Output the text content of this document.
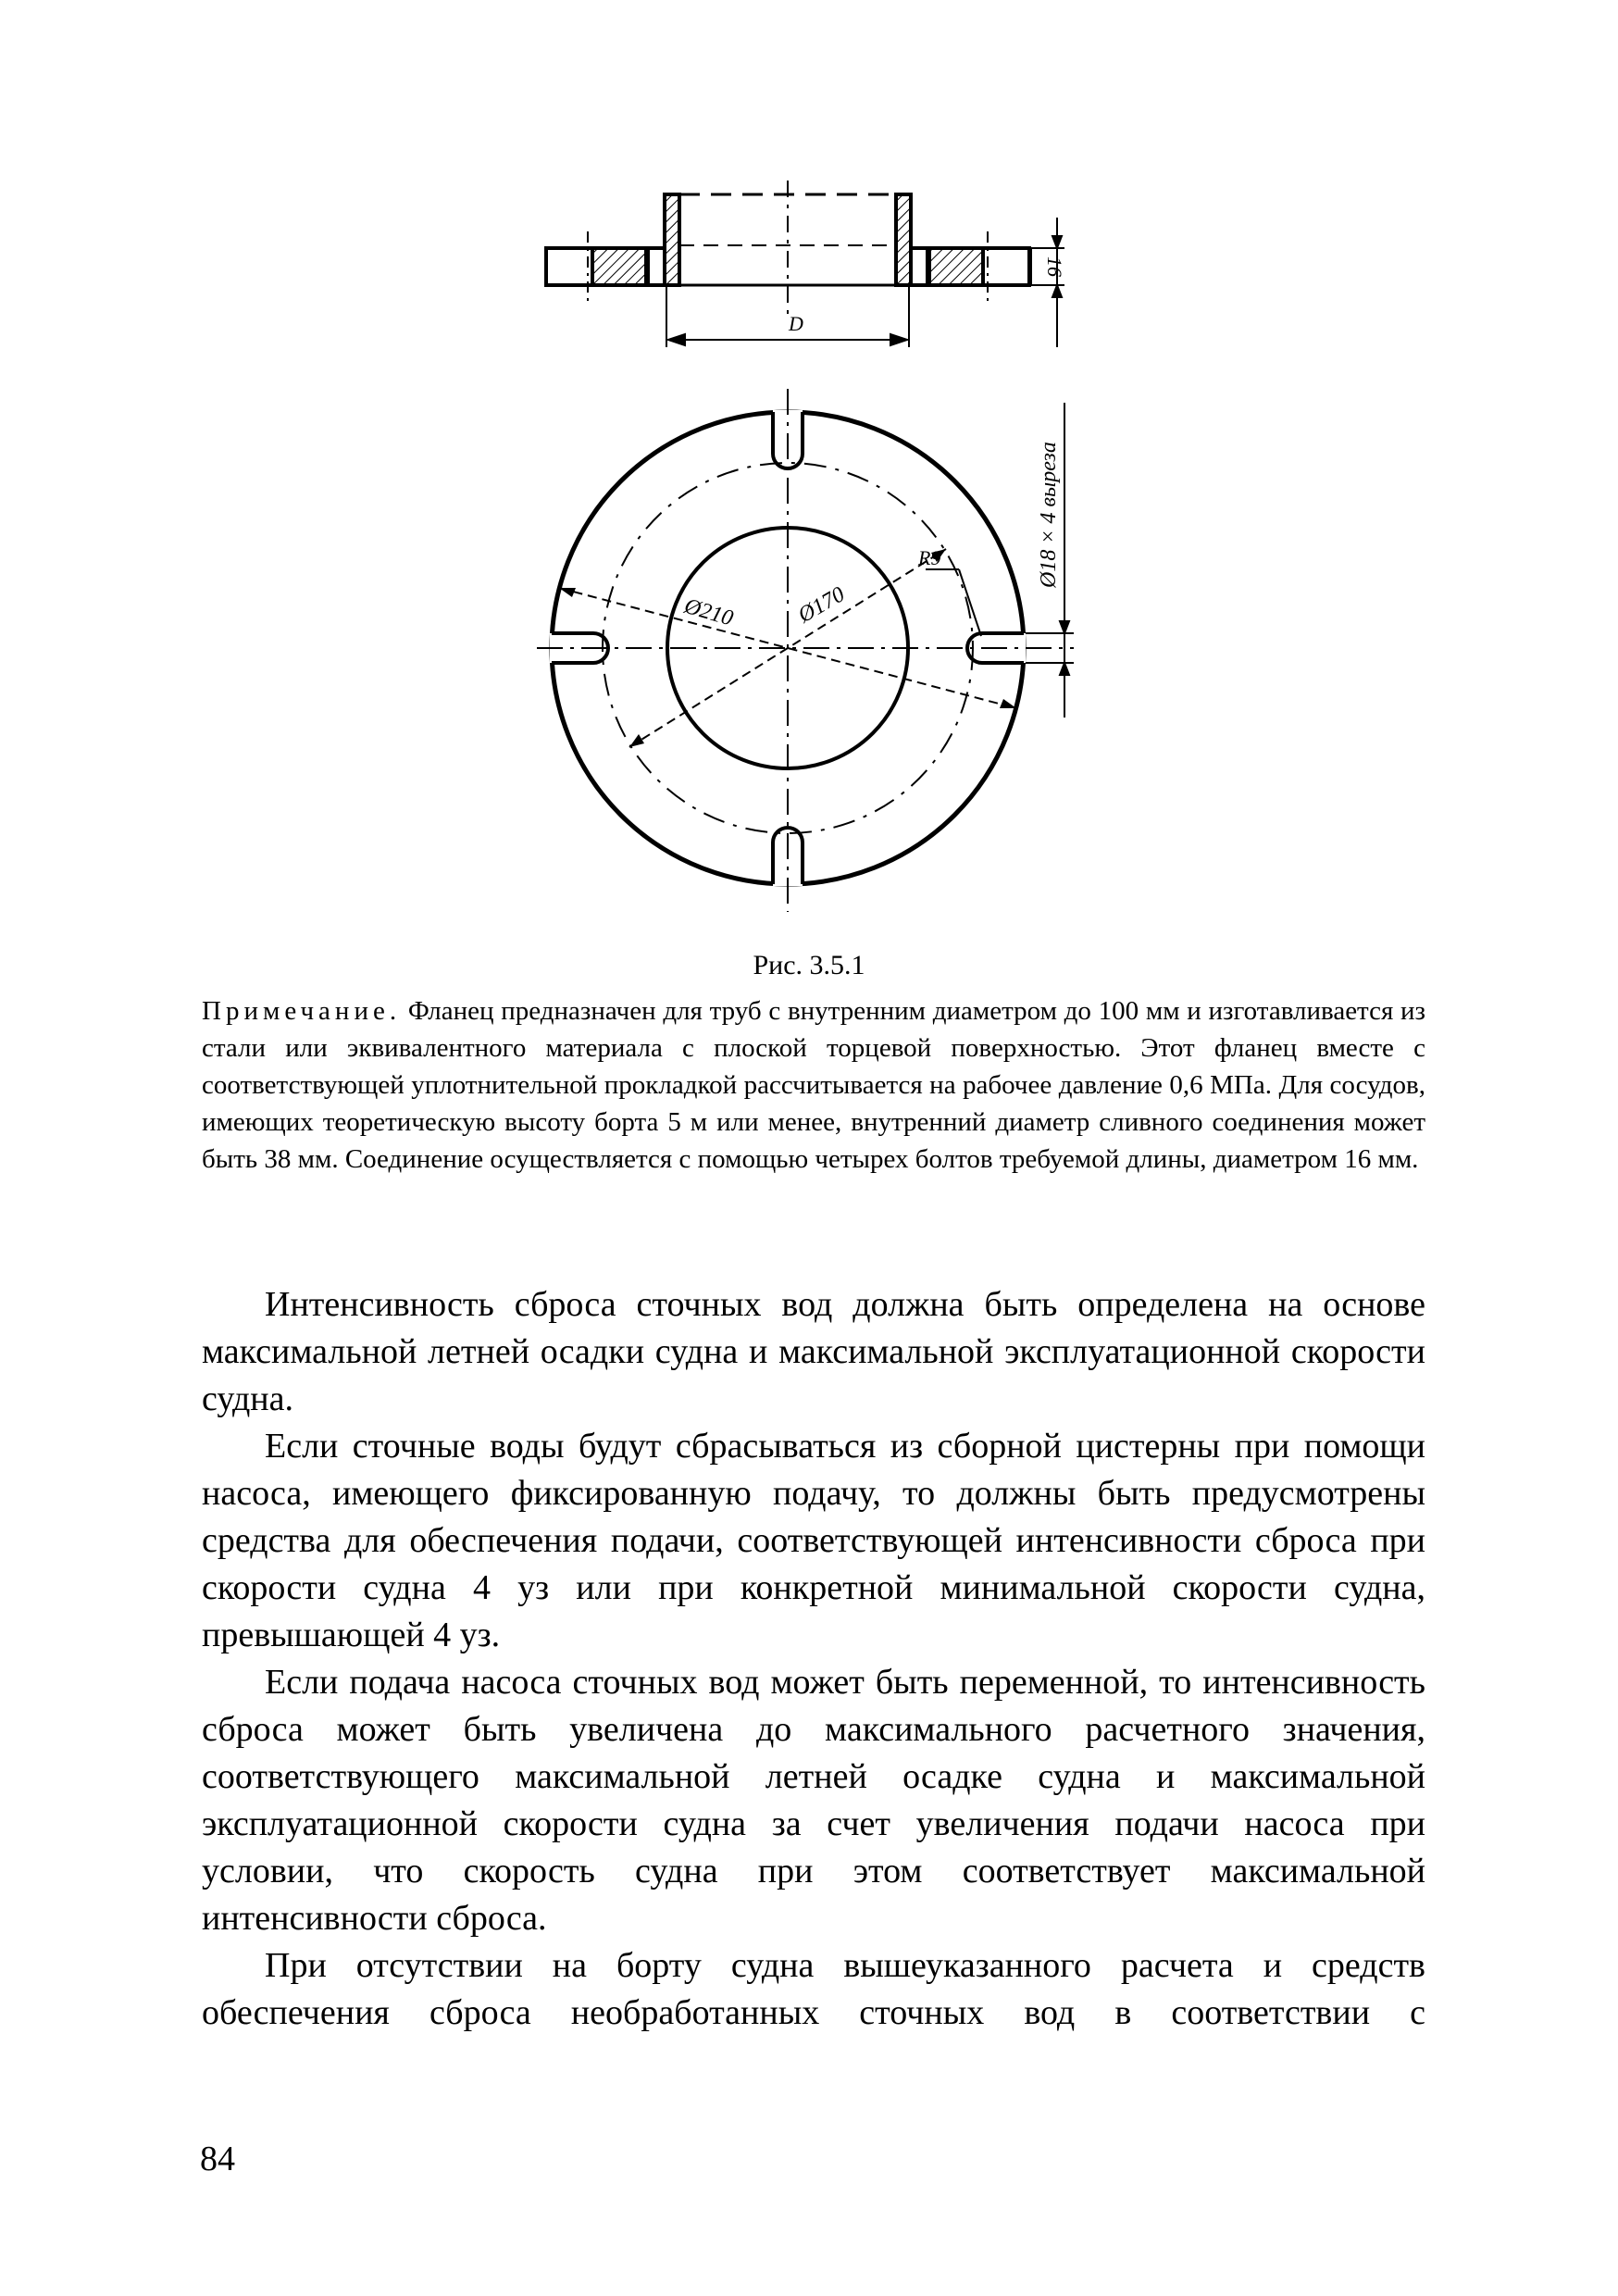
D
16
Ø210	Ø170
R9	Ø18 × 4 выреза
Рис. 3.5.1
Примечание. Фланец предназначен для труб с внутренним диаметром до 100 мм и изготавливается из стали или эквивалентного материала с плоской торцевой поверхностью. Этот фланец вместе с соответствующей уплотнительной прокладкой рассчитывается на рабочее давление 0,6 МПа. Для сосудов, имеющих теоретическую высоту борта 5 м или менее, внутренний диаметр сливного соединения может быть 38 мм. Соединение осуществляется с помощью четырех болтов требуемой длины, диаметром 16 мм.

Интенсивность сброса сточных вод должна быть определена на основе максимальной летней осадки судна и максимальной эксплуатационной скорости судна.

Если сточные воды будут сбрасываться из сборной цистерны при помощи насоса, имеющего фиксированную подачу, то должны быть предусмотрены средства для обеспечения подачи, соответствующей интенсивности сброса при скорости судна 4 уз или при конкретной минимальной скорости судна, превышающей 4 уз.

Если подача насоса сточных вод может быть переменной, то интенсивность сброса может быть увеличена до максимального расчетного значения, соответствующего максимальной летней осадке судна и максимальной эксплуатационной скорости судна за счет увеличения подачи насоса при условии, что скорость судна при этом соответствует максимальной интенсивности сброса.

При отсутствии на борту судна вышеуказанного расчета и средств обеспечения сброса необработанных сточных вод в соответствии с

84
